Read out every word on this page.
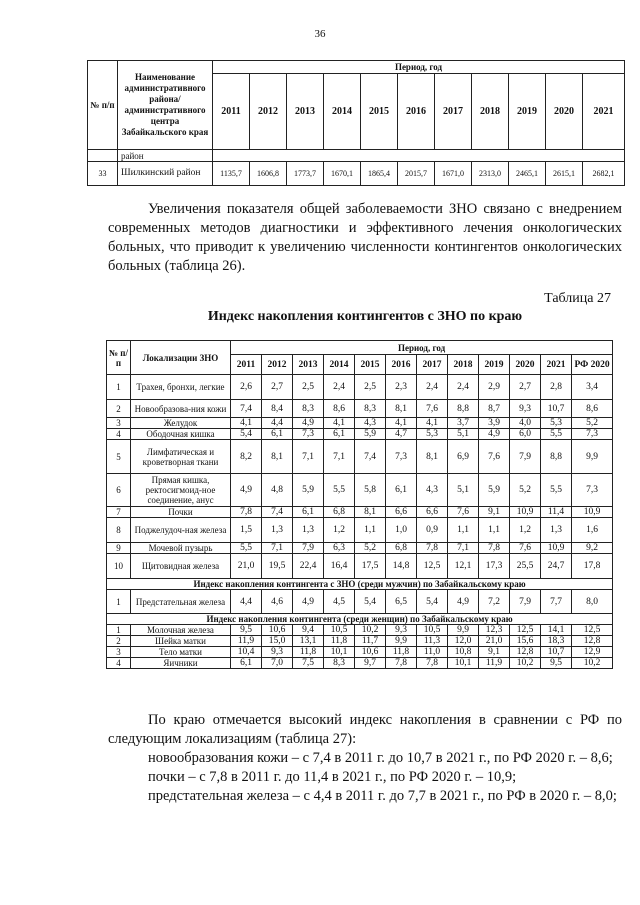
36
№ п/п	Наименование административного района/ административного центра Забайкальского края	Период, год										
		2011	2012	2013	2014	2015	2016	2017	2018	2019	2020	2021
	район											
33	Шилкинский район	1135,7	1606,8	1773,7	1670,1	1865,4	2015,7	1671,0	2313,0	2465,1	2615,1	2682,1
Увеличения показателя общей заболеваемости ЗНО связано с внедрением современных методов диагностики и эффективного лечения онкологических больных, что приводит к увеличению численности контингентов онкологических больных (таблица 26).
Таблица 27
Индекс накопления контингентов с ЗНО по краю
№ п/п	Локализации ЗНО	Период, год											
		2011	2012	2013	2014	2015	2016	2017	2018	2019	2020	2021	РФ 2020
1	Трахея, бронхи, легкие	2,6	2,7	2,5	2,4	2,5	2,3	2,4	2,4	2,9	2,7	2,8	3,4
2	Новообразова-ния кожи	7,4	8,4	8,3	8,6	8,3	8,1	7,6	8,8	8,7	9,3	10,7	8,6
3	Желудок	4,1	4,4	4,9	4,1	4,3	4,1	4,1	3,7	3,9	4,0	5,3	5,2
4	Ободочная кишка	5,4	6,1	7,3	6,1	5,9	4,7	5,3	5,1	4,9	6,0	5,5	7,3
5	Лимфатическая и кроветворная ткани	8,2	8,1	7,1	7,1	7,4	7,3	8,1	6,9	7,6	7,9	8,8	9,9
6	Прямая кишка, ректосигмоид-ное соединение, анус	4,9	4,8	5,9	5,5	5,8	6,1	4,3	5,1	5,9	5,2	5,5	7,3
7	Почки	7,8	7,4	6,1	6,8	8,1	6,6	6,6	7,6	9,1	10,9	11,4	10,9
8	Поджелудоч-ная железа	1,5	1,3	1,3	1,2	1,1	1,0	0,9	1,1	1,1	1,2	1,3	1,6
9	Мочевой пузырь	5,5	7,1	7,9	6,3	5,2	6,8	7,8	7,1	7,8	7,6	10,9	9,2
10	Щитовидная железа	21,0	19,5	22,4	16,4	17,5	14,8	12,5	12,1	17,3	25,5	24,7	17,8
Индекс накопления контингента с ЗНО (среди мужчин) по Забайкальскому краю													
1	Предстательная железа	4,4	4,6	4,9	4,5	5,4	6,5	5,4	4,9	7,2	7,9	7,7	8,0
Индекс накопления контингента (среди женщин) по Забайкальскому краю													
1	Молочная железа	9,5	10,6	9,4	10,5	10,2	9,3	10,5	9,9	12,3	12,5	14,1	12,5
2	Шейка матки	11,9	15,0	13,1	11,8	11,7	9,9	11,3	12,0	21,0	15,6	18,3	12,8
3	Тело матки	10,4	9,3	11,8	10,1	10,6	11,8	11,0	10,8	9,1	12,8	10,7	12,9
4	Яичники	6,1	7,0	7,5	8,3	9,7	7,8	7,8	10,1	11,9	10,2	9,5	10,2
По краю отмечается высокий индекс накопления в сравнении с РФ по следующим локализациям (таблица 27):
новообразования кожи – с 7,4 в 2011 г. до 10,7 в 2021 г., по РФ 2020 г. – 8,6;
почки – с 7,8 в 2011 г. до 11,4 в 2021 г., по РФ 2020 г. – 10,9;
предстательная железа – с 4,4 в 2011 г. до 7,7 в 2021 г., по РФ в 2020 г. – 8,0;
